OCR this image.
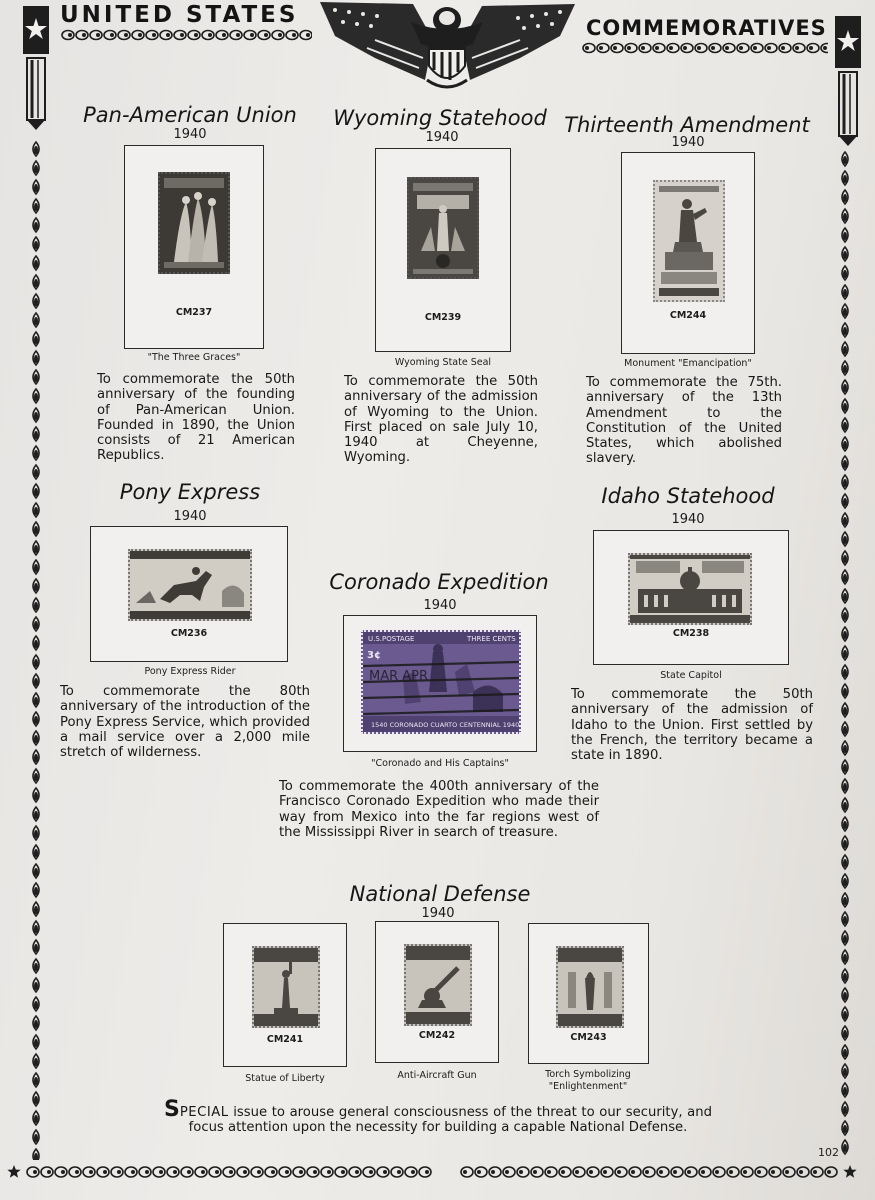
UNITED STATES	COMMEMORATIVES
Pan-American Union
1940
CM237
"The Three Graces"
To commemorate the 50th anniversary of the founding of Pan-American Union. Founded in 1890, the Union consists of 21 American Republics.
Wyoming Statehood
1940
CM239
Wyoming State Seal
To commemorate the 50th anniversary of the admission of Wyoming to the Union. First placed on sale July 10, 1940 at Cheyenne, Wyoming.
Thirteenth Amendment
1940
CM244
Monument "Emancipation"
To commemorate the 75th. anniversary of the 13th Amendment to the Constitution of the United States, which abolished slavery.
Pony Express
1940
CM236
Pony Express Rider
To commemorate the 80th anniversary of the introduction of the Pony Express Service, which provided a mail service over a 2,000 mile stretch of wilderness.
Idaho Statehood
1940
CM238
State Capitol
To commemorate the 50th anniversary of the admission of Idaho to the Union. First settled by the French, the territory became a state in 1890.
Coronado Expedition
1940
U.S.POSTAGE	THREE CENTS
3¢
1540 CORONADO CUARTO CENTENNIAL 1940
MAR APR
"Coronado and His Captains"
To commemorate the 400th anniversary of the Francisco Coronado Expedition who made their way from Mexico into the far regions west of the Mississippi River in search of treasure.
National Defense
1940
CM241
Statue of Liberty
CM242
Anti-Aircraft Gun
CM243
Torch Symbolizing "Enlightenment"
SPECIAL issue to arouse general consciousness of the threat to our security, and focus attention upon the necessity for building a capable National Defense.
102
